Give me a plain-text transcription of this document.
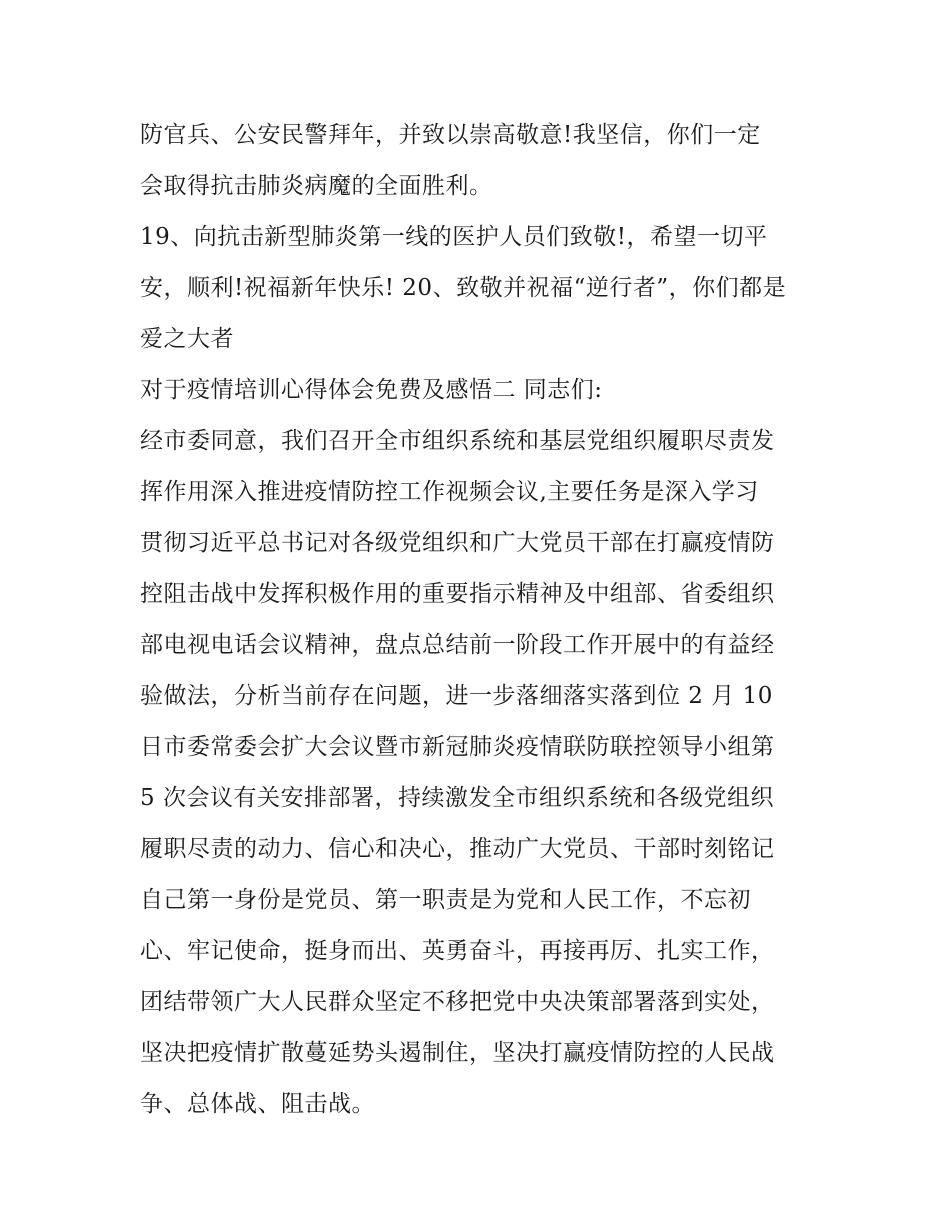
防官兵、公安民警拜年，并致以崇高敬意!我坚信，你们一定
会取得抗击肺炎病魔的全面胜利。
19、向抗击新型肺炎第一线的医护人员们致敬!，希望一切平
安，顺利!祝福新年快乐! 20、致敬并祝福“逆行者”，你们都是
爱之大者
对于疫情培训心得体会免费及感悟二 同志们:
经市委同意，我们召开全市组织系统和基层党组织履职尽责发
挥作用深入推进疫情防控工作视频会议,主要任务是深入学习
贯彻习近平总书记对各级党组织和广大党员干部在打赢疫情防
控阻击战中发挥积极作用的重要指示精神及中组部、省委组织
部电视电话会议精神，盘点总结前一阶段工作开展中的有益经
验做法，分析当前存在问题，进一步落细落实落到位 2 月 10
日市委常委会扩大会议暨市新冠肺炎疫情联防联控领导小组第
5 次会议有关安排部署，持续激发全市组织系统和各级党组织
履职尽责的动力、信心和决心，推动广大党员、干部时刻铭记
自己第一身份是党员、第一职责是为党和人民工作，不忘初
心、牢记使命，挺身而出、英勇奋斗，再接再厉、扎实工作，
团结带领广大人民群众坚定不移把党中央决策部署落到实处，
坚决把疫情扩散蔓延势头遏制住，坚决打赢疫情防控的人民战
争、总体战、阻击战。
